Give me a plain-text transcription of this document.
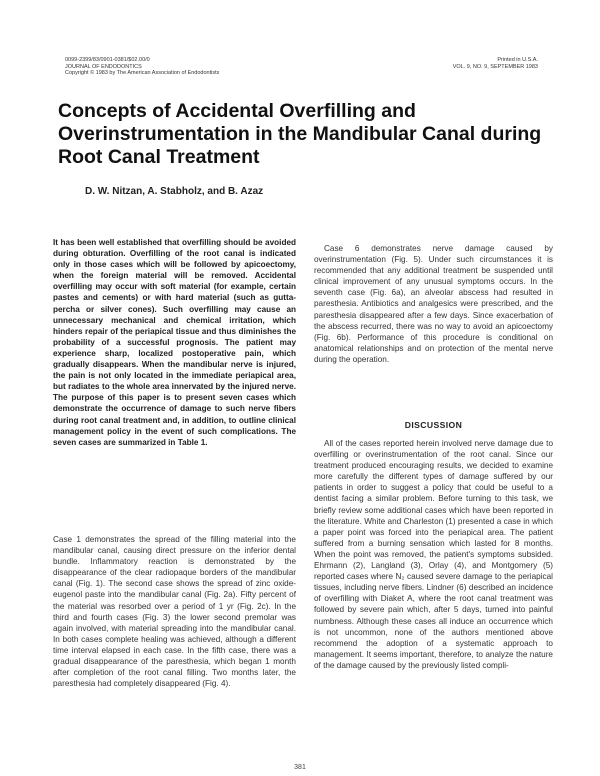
0099-2399/83/0901-0381/$02.00/0
JOURNAL OF ENDODONTICS
Copyright © 1983 by The American Association of Endodontists
Printed in U.S.A.
VOL. 9, NO. 9, SEPTEMBER 1983
Concepts of Accidental Overfilling and Overinstrumentation in the Mandibular Canal during Root Canal Treatment
D. W. Nitzan, A. Stabholz, and B. Azaz

It has been well established that overfilling should be avoided during obturation. Overfilling of the root canal is indicated only in those cases which will be followed by apicoectomy, when the foreign material will be removed. Accidental overfilling may occur with soft material (for example, certain pastes and cements) or with hard material (such as gutta-percha or silver cones). Such overfilling may cause an unnecessary mechanical and chemical irritation, which hinders repair of the periapical tissue and thus diminishes the probability of a successful prognosis. The patient may experience sharp, localized postoperative pain, which gradually disappears. When the mandibular nerve is injured, the pain is not only located in the immediate periapical area, but radiates to the whole area innervated by the injured nerve. The purpose of this paper is to present seven cases which demonstrate the occurrence of damage to such nerve fibers during root canal treatment and, in addition, to outline clinical management policy in the event of such complications. The seven cases are summarized in Table 1.

Case 1 demonstrates the spread of the filling material into the mandibular canal, causing direct pressure on the inferior dental bundle. Inflammatory reaction is demonstrated by the disappearance of the clear radiopaque borders of the mandibular canal (Fig. 1). The second case shows the spread of zinc oxide-eugenol paste into the mandibular canal (Fig. 2a). Fifty percent of the material was resorbed over a period of 1 yr (Fig. 2c). In the third and fourth cases (Fig. 3) the lower second premolar was again involved, with material spreading into the mandibular canal. In both cases complete healing was achieved, although a different time interval elapsed in each case. In the fifth case, there was a gradual disappearance of the paresthesia, which began 1 month after completion of the root canal filling. Two months later, the paresthesia had completely disappeared (Fig. 4).

Case 6 demonstrates nerve damage caused by overinstrumentation (Fig. 5). Under such circumstances it is recommended that any additional treatment be suspended until clinical improvement of any unusual symptoms occurs. In the seventh case (Fig. 6a), an alveolar abscess had resulted in paresthesia. Antibiotics and analgesics were prescribed, and the paresthesia disappeared after a few days. Since exacerbation of the abscess recurred, there was no way to avoid an apicoectomy (Fig. 6b). Performance of this procedure is conditional on anatomical relationships and on protection of the mental nerve during the operation.

DISCUSSION

All of the cases reported herein involved nerve damage due to overfilling or overinstrumentation of the root canal. Since our treatment produced encouraging results, we decided to examine more carefully the different types of damage suffered by our patients in order to suggest a policy that could be useful to a dentist facing a similar problem. Before turning to this task, we briefly review some additional cases which have been reported in the literature. White and Charleston (1) presented a case in which a paper point was forced into the periapical area. The patient suffered from a burning sensation which lasted for 8 months. When the point was removed, the patient's symptoms subsided. Ehrmann (2), Langland (3), Orlay (4), and Montgomery (5) reported cases where N₂ caused severe damage to the periapical tissues, including nerve fibers. Lindner (6) described an incidence of overfilling with Diaket A, where the root canal treatment was followed by severe pain which, after 5 days, turned into painful numbness. Although these cases all induce an occurrence which is not uncommon, none of the authors mentioned above recommend the adoption of a systematic approach to management. It seems important, therefore, to analyze the nature of the damage caused by the previously listed compli-

381
